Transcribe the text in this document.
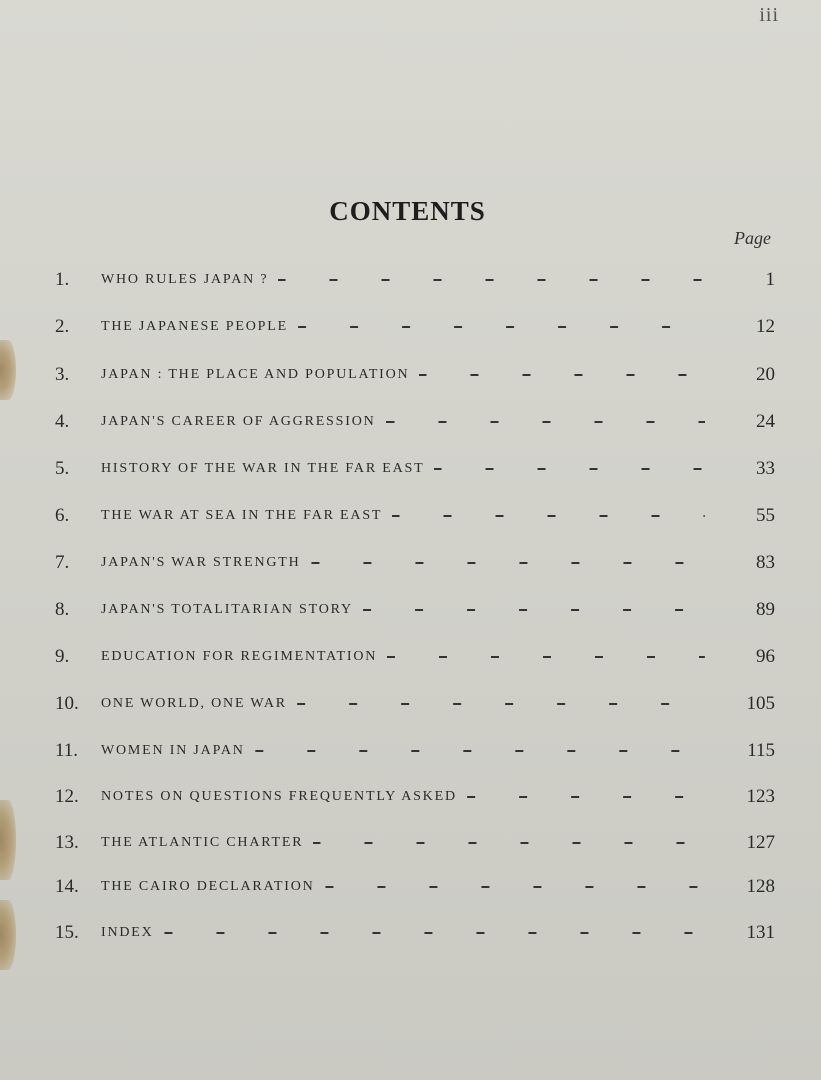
iii
CONTENTS
Page
1.	WHO RULES JAPAN ?	1
2.	THE JAPANESE PEOPLE	12
3.	JAPAN : THE PLACE AND POPULATION	20
4.	JAPAN'S CAREER OF AGGRESSION	24
5.	HISTORY OF THE WAR IN THE FAR EAST	33
6.	THE WAR AT SEA IN THE FAR EAST	55
7.	JAPAN'S WAR STRENGTH	83
8.	JAPAN'S TOTALITARIAN STORY	89
9.	EDUCATION FOR REGIMENTATION	96
10.	ONE WORLD, ONE WAR	105
11.	WOMEN IN JAPAN	115
12.	NOTES ON QUESTIONS FREQUENTLY ASKED	123
13.	THE ATLANTIC CHARTER	127
14.	THE CAIRO DECLARATION	128
15.	INDEX	131
